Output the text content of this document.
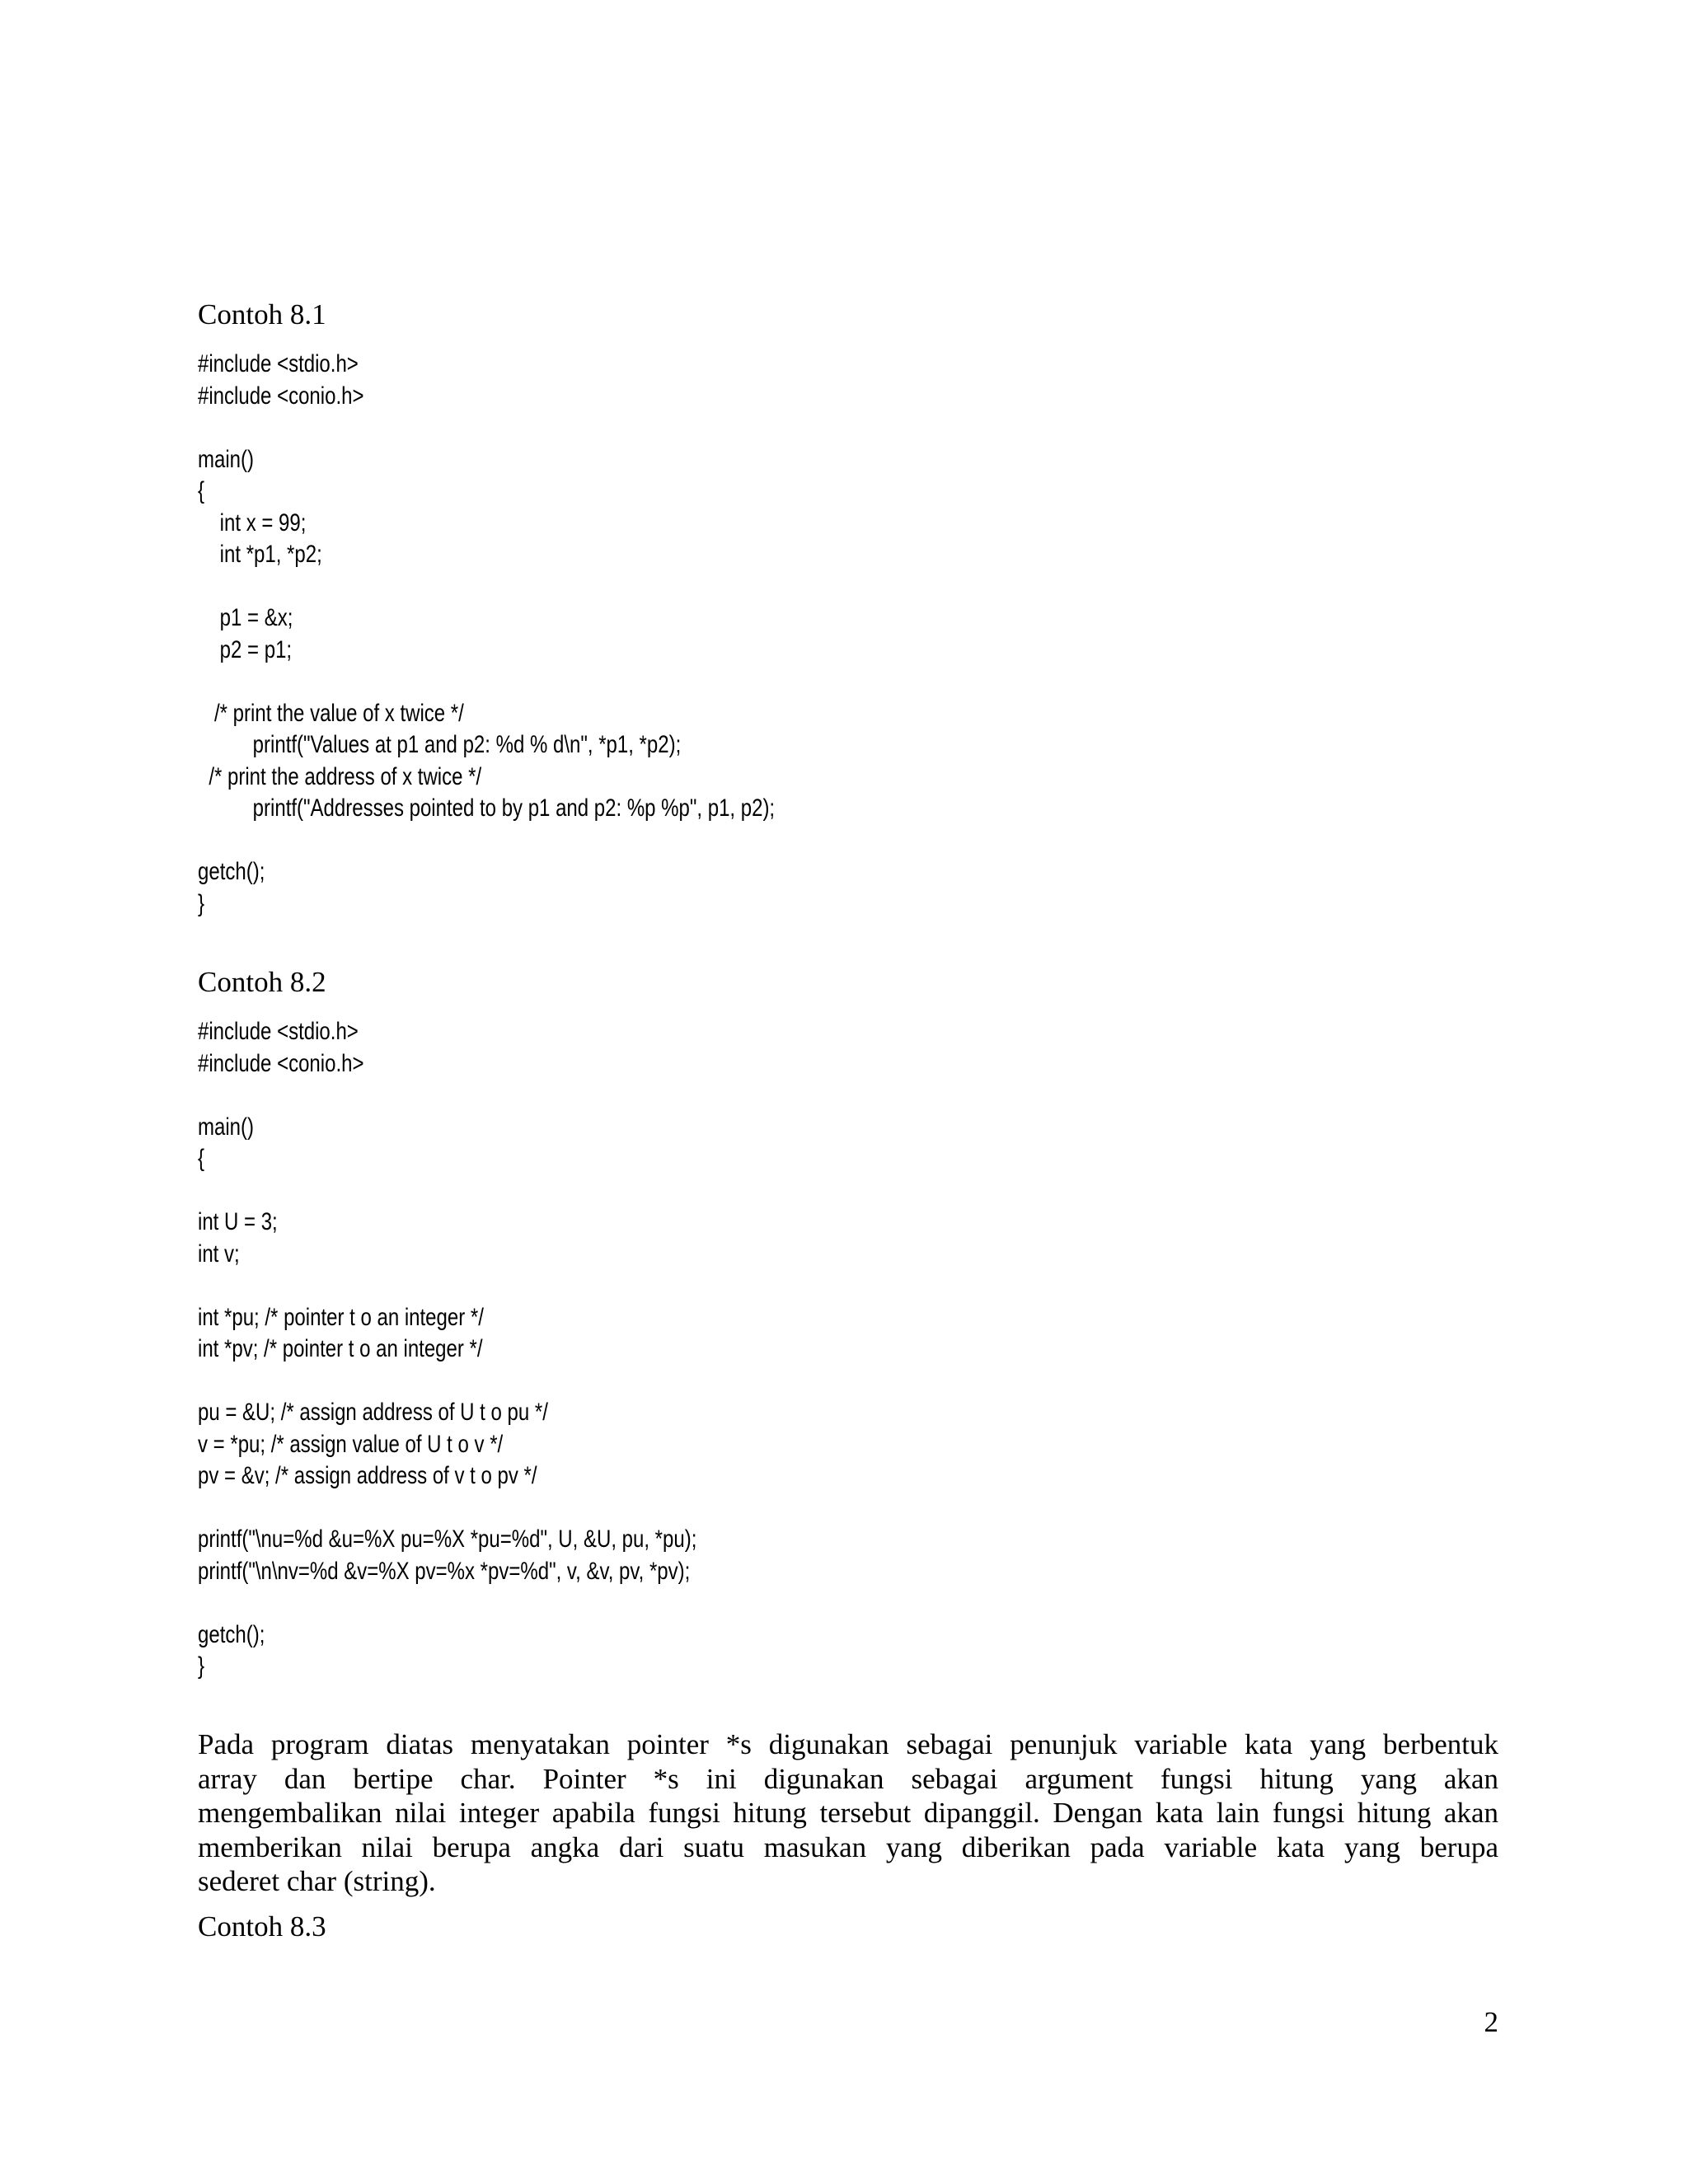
Contoh 8.1
#include <stdio.h>
#include <conio.h>
main()
{
int x = 99;
int *p1, *p2;
p1 = &x;
p2 = p1;
/* print the value of x twice */
printf("Values at p1 and p2: %d % d\n", *p1, *p2);
/* print the address of x twice */
printf("Addresses pointed to by p1 and p2: %p %p", p1, p2);
getch();
}
Contoh 8.2
#include <stdio.h>
#include <conio.h>
main()
{
int U = 3;
int v;
int *pu; /* pointer t o an integer */
int *pv; /* pointer t o an integer */
pu = &U; /* assign address of U t o pu */
v = *pu; /* assign value of U t o v */
pv = &v; /* assign address of v t o pv */
printf("\nu=%d &u=%X pu=%X *pu=%d", U, &U, pu, *pu);
printf("\n\nv=%d &v=%X pv=%x *pv=%d", v, &v, pv, *pv);
getch();
}
Pada program diatas menyatakan pointer *s digunakan sebagai penunjuk variable kata yang berbentuk
array dan bertipe char. Pointer *s ini digunakan sebagai argument fungsi hitung yang akan
mengembalikan nilai integer apabila fungsi hitung tersebut dipanggil. Dengan kata lain fungsi hitung akan
memberikan nilai berupa angka dari suatu masukan yang diberikan pada variable kata yang berupa
sederet char (string).
Contoh 8.3
2
